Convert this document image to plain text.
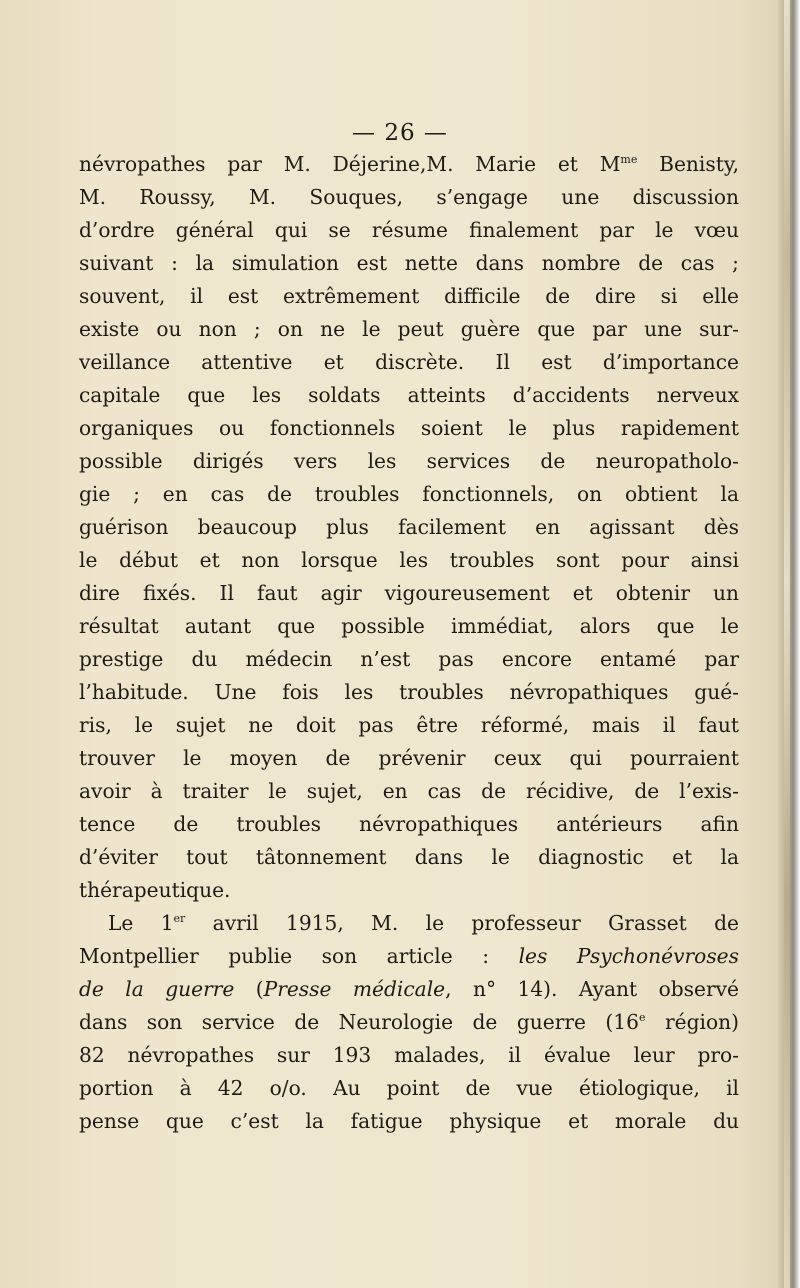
— 26 —
névropathes par M. Déjerine,M. Marie et $M^{me}$ Benisty,
M. Roussy, M. Souques, s’engage une discussion
d’ordre général qui se résume finalement par le vœu
suivant : la simulation est nette dans nombre de cas ;
souvent, il est extrêmement difficile de dire si elle
existe ou non ; on ne le peut guère que par une sur-
veillance attentive et discrète. Il est d’importance
capitale que les soldats atteints d’accidents nerveux
organiques ou fonctionnels soient le plus rapidement
possible dirigés vers les services de neuropatholo-
gie ; en cas de troubles fonctionnels, on obtient la
guérison beaucoup plus facilement en agissant dès
le début et non lorsque les troubles sont pour ainsi
dire fixés. Il faut agir vigoureusement et obtenir un
résultat autant que possible immédiat, alors que le
prestige du médecin n’est pas encore entamé par
l’habitude. Une fois les troubles névropathiques gué-
ris, le sujet ne doit pas être réformé, mais il faut
trouver le moyen de prévenir ceux qui pourraient
avoir à traiter le sujet, en cas de récidive, de l’exis-
tence de troubles névropathiques antérieurs afin
d’éviter tout tâtonnement dans le diagnostic et la
thérapeutique.
Le 1er avril 1915, M. le professeur Grasset de
Montpellier publie son article : les Psychonévroses
de la guerre (Presse médicale, n° 14). Ayant observé
dans son service de Neurologie de guerre (16e région)
82 névropathes sur 193 malades, il évalue leur pro-
portion à 42 o/o. Au point de vue étiologique, il
pense que c’est la fatigue physique et morale du
